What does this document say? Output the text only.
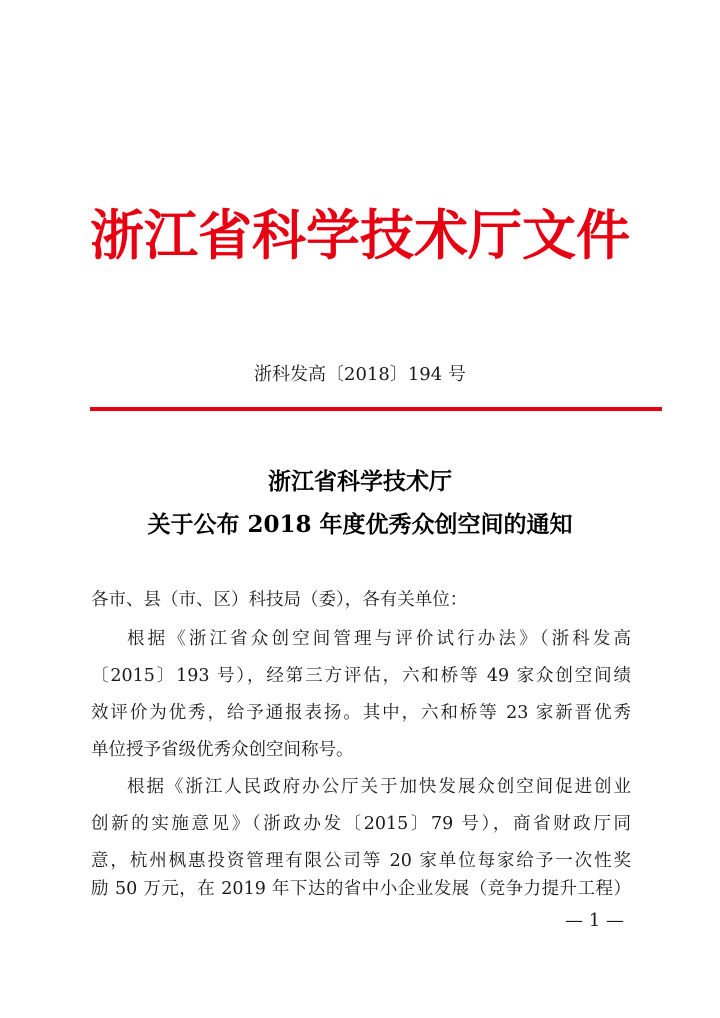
浙江省科学技术厅文件
浙科发高〔2018〕194 号
浙江省科学技术厅
关于公布 2018 年度优秀众创空间的通知
各市、县（市、区）科技局（委），各有关单位：
根据《浙江省众创空间管理与评价试行办法》（浙科发高
〔2015〕193 号），经第三方评估，六和桥等 49 家众创空间绩
效评价为优秀，给予通报表扬。其中，六和桥等 23 家新晋优秀
单位授予省级优秀众创空间称号。
根据《浙江人民政府办公厅关于加快发展众创空间促进创业
创新的实施意见》（浙政办发〔2015〕79 号），商省财政厅同
意，杭州枫惠投资管理有限公司等 20 家单位每家给予一次性奖
励 50 万元，在 2019 年下达的省中小企业发展（竞争力提升工程）
— 1 —
